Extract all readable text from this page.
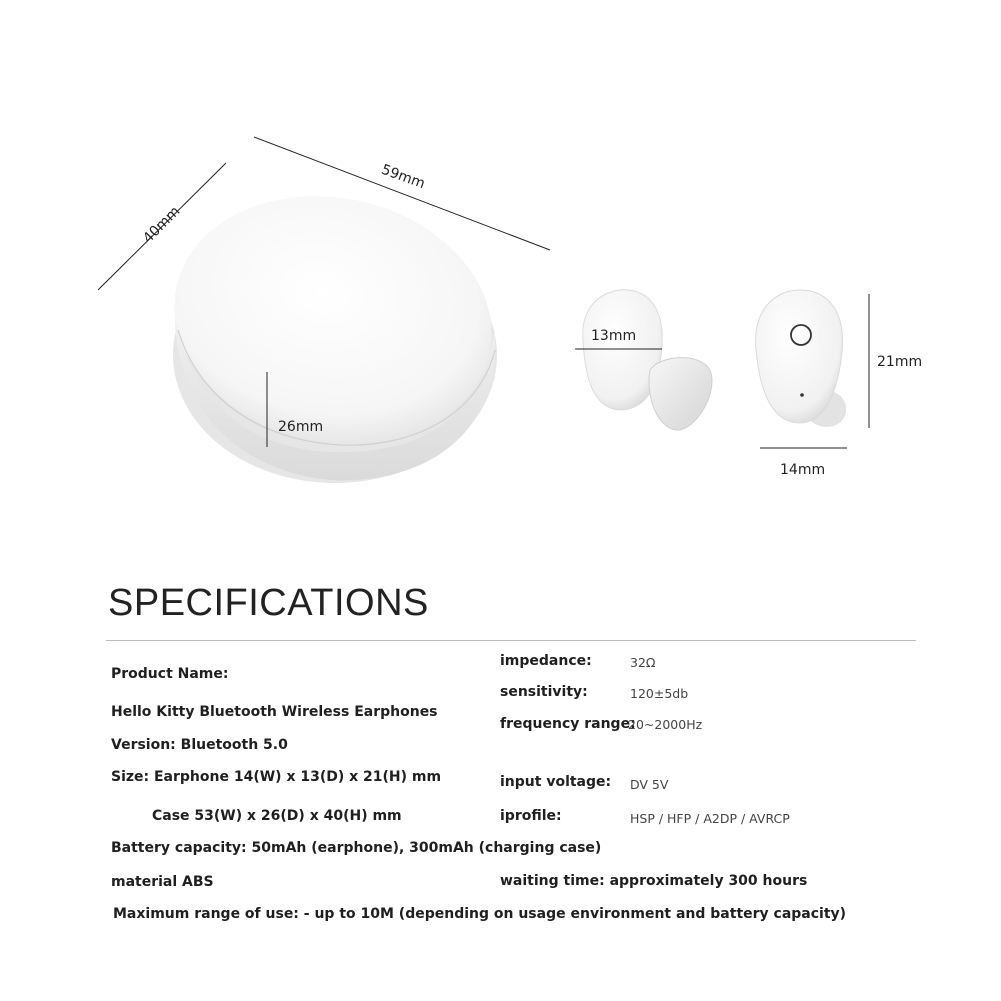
26mm
59mm
40mm
13mm
21mm
14mm
SPECIFICATIONS
Product Name:
Hello Kitty Bluetooth Wireless Earphones
Version: Bluetooth 5.0
Size: Earphone 14(W) x 13(D) x 21(H) mm
Case 53(W) x 26(D) x 40(H) mm
Battery capacity: 50mAh (earphone), 300mAh (charging case)
material ABS
impedance:	32Ω
sensitivity:	120±5db
frequency range:
20~2000Hz
input voltage: DV 5V
iprofile:	HSP / HFP / A2DP / AVRCP
waiting time: approximately 300 hours
Maximum range of use: - up to 10M (depending on usage environment and battery capacity)
